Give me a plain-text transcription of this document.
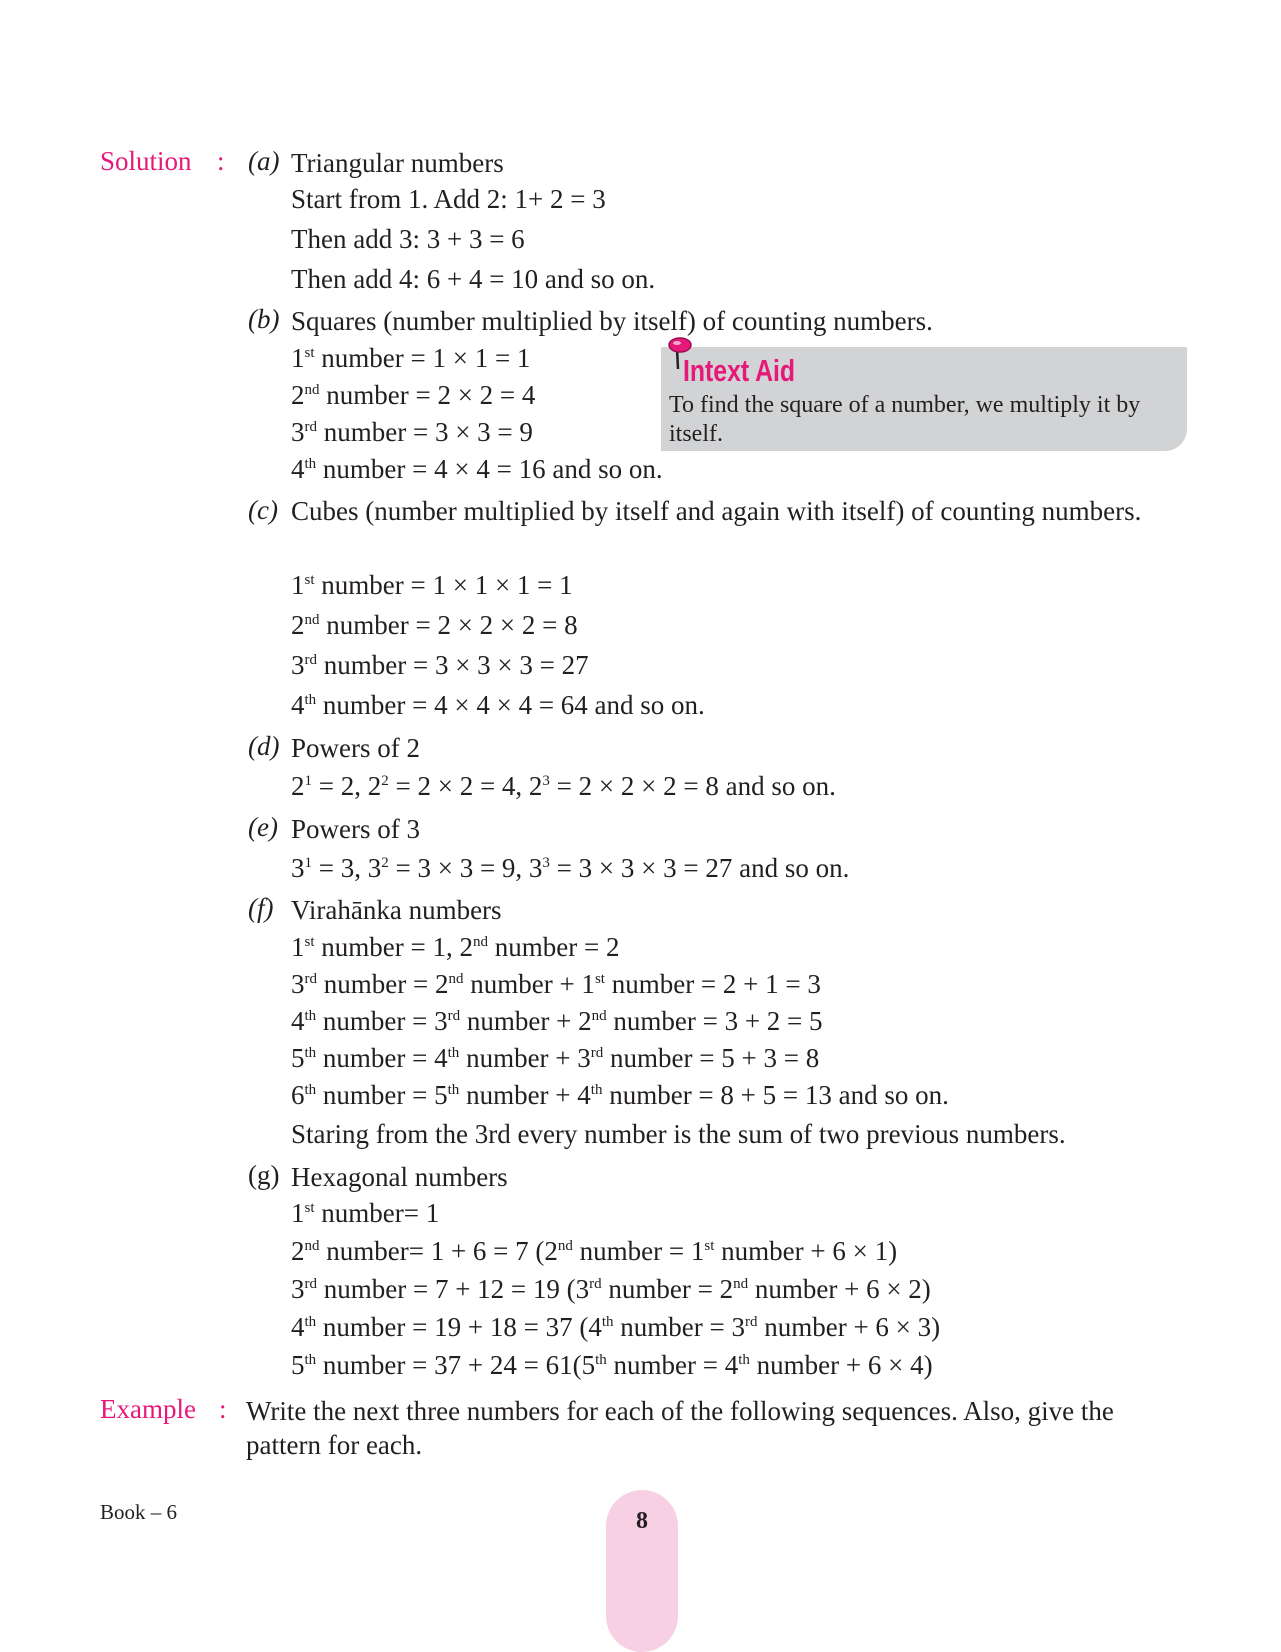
Solution : (a) Triangular numbers
Start from 1. Add 2: 1+ 2 = 3
Then add 3: 3 + 3 = 6
Then add 4: 6 + 4 = 10 and so on.
(b) Squares (number multiplied by itself) of counting numbers.
1st number = 1 × 1 = 1
2nd number = 2 × 2 = 4
3rd number = 3 × 3 = 9
4th number = 4 × 4 = 16 and so on.
Intext Aid
To find the square of a number, we multiply it by itself.
(c) Cubes (number multiplied by itself and again with itself) of counting numbers.
1st number = 1 × 1 × 1 = 1
2nd number = 2 × 2 × 2 = 8
3rd number = 3 × 3 × 3 = 27
4th number = 4 × 4 × 4 = 64 and so on.
(d) Powers of 2
$2^1 = 2$, $2^2 = 2 \times 2 = 4$, $2^3 = 2 \times 2 \times 2 = 8$ and so on.
(e) Powers of 3
$3^1 = 3$, $3^2 = 3 \times 3 = 9$, $3^3 = 3 \times 3 \times 3 = 27$ and so on.
(f) Virahānka numbers
1st number = 1, 2nd number = 2
3rd number = 2nd number + 1st number = 2 + 1 = 3
4th number = 3rd number + 2nd number = 3 + 2 = 5
5th number = 4th number + 3rd number = 5 + 3 = 8
6th number = 5th number + 4th number = 8 + 5 = 13 and so on.
Staring from the 3rd every number is the sum of two previous numbers.
(g) Hexagonal numbers
1st number= 1
2nd number= 1 + 6 = 7 (2nd number = 1st number + 6 × 1)
3rd number = 7 + 12 = 19 (3rd number = 2nd number + 6 × 2)
4th number = 19 + 18 = 37 (4th number = 3rd number + 6 × 3)
5th number = 37 + 24 = 61(5th number = 4th number + 6 × 4)
Example : Write the next three numbers for each of the following sequences. Also, give the pattern for each.
Book – 6	8
